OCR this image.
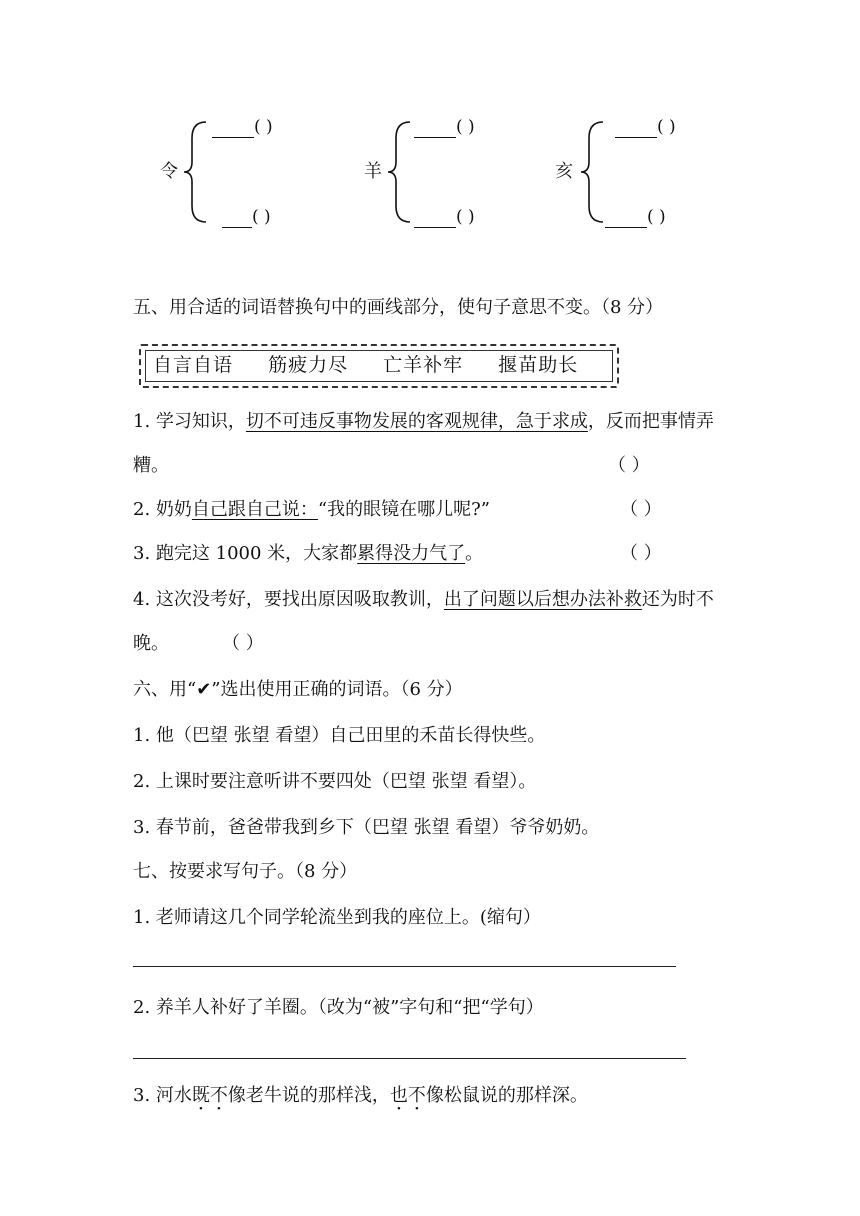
令
( )
( )
羊
( )
( )
亥
( )
( )
五、用合适的词语替换句中的画线部分，使句子意思不变。（8 分）
自言自语 筋疲力尽 亡羊补牢 揠苗助长
1. 学习知识，切不可违反事物发展的客观规律，急于求成，反而把事情弄
糟。	（ ）
2. 奶奶自己跟自己说：“我的眼镜在哪儿呢?”	（ ）
3. 跑完这 1000 米，大家都累得没力气了。	（ ）
4. 这次没考好，要找出原因吸取教训，出了问题以后想办法补救还为时不
晚。	（ ）
六、用“✔”选出使用正确的词语。（6 分）
1. 他（巴望 张望 看望）自己田里的禾苗长得快些。
2. 上课时要注意听讲不要四处（巴望 张望 看望）。
3. 春节前，爸爸带我到乡下（巴望 张望 看望）爷爷奶奶。
七、按要求写句子。（8 分）
1. 老师请这几个同学轮流坐到我的座位上。(缩句）
2. 养羊人补好了羊圈。（改为“被”字句和“把“学句）
3. 河水既不像老牛说的那样浅，也不像松鼠说的那样深。
